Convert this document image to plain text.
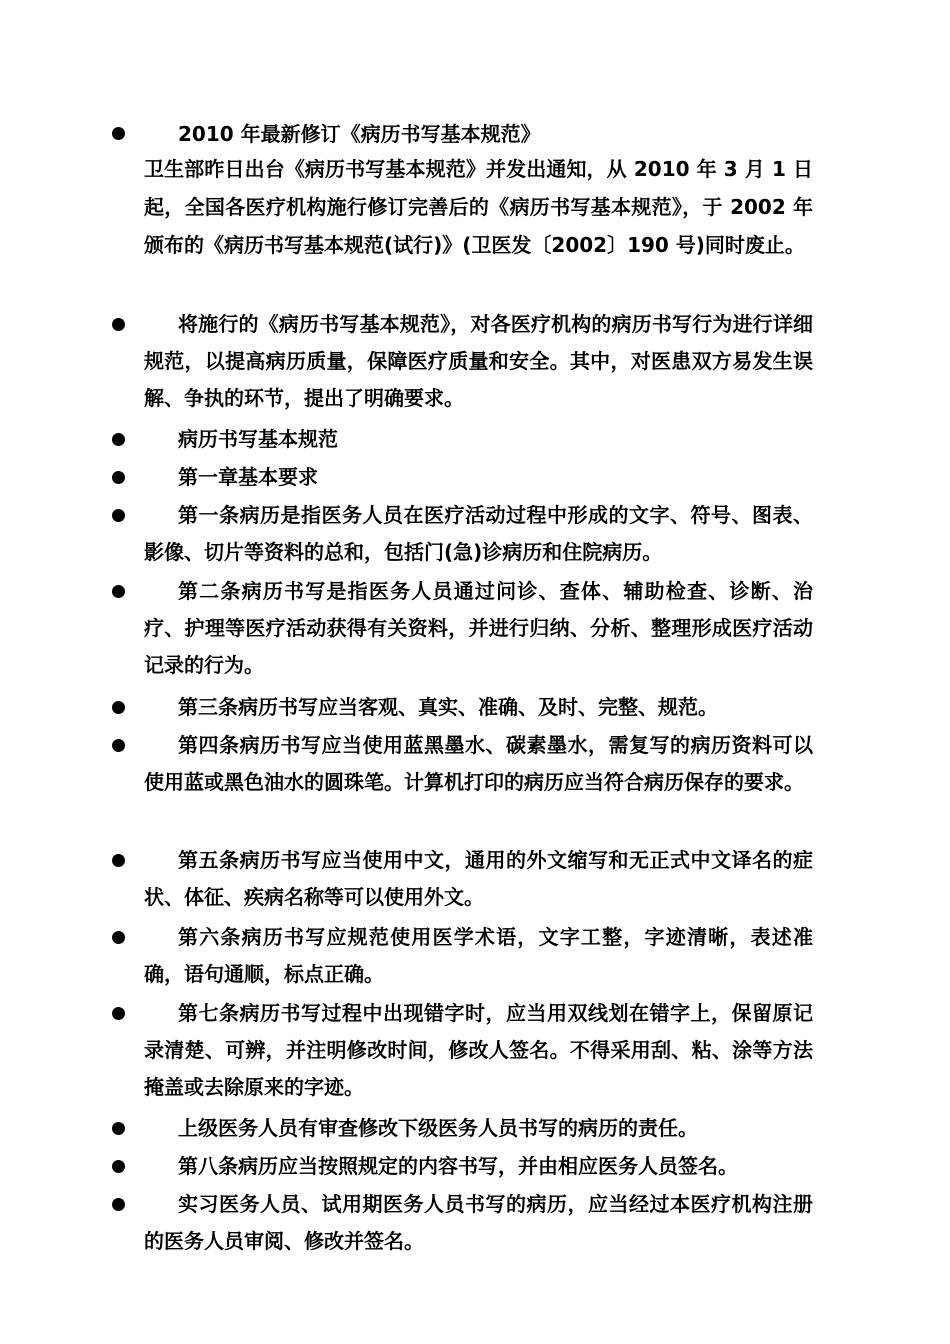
2010 年最新修订《病历书写基本规范》

卫生部昨日出台《病历书写基本规范》并发出通知，从 2010 年 3 月 1 日起，全国各医疗机构施行修订完善后的《病历书写基本规范》，于 2002 年颁布的《病历书写基本规范(试行)》(卫医发〔2002〕190 号)同时废止。

将施行的《病历书写基本规范》，对各医疗机构的病历书写行为进行详细规范，以提高病历质量，保障医疗质量和安全。其中，对医患双方易发生误解、争执的环节，提出了明确要求。

病历书写基本规范

第一章基本要求

第一条病历是指医务人员在医疗活动过程中形成的文字、符号、图表、影像、切片等资料的总和，包括门(急)诊病历和住院病历。

第二条病历书写是指医务人员通过问诊、查体、辅助检查、诊断、治疗、护理等医疗活动获得有关资料，并进行归纳、分析、整理形成医疗活动记录的行为。

第三条病历书写应当客观、真实、准确、及时、完整、规范。

第四条病历书写应当使用蓝黑墨水、碳素墨水，需复写的病历资料可以使用蓝或黑色油水的圆珠笔。计算机打印的病历应当符合病历保存的要求。

第五条病历书写应当使用中文，通用的外文缩写和无正式中文译名的症状、体征、疾病名称等可以使用外文。

第六条病历书写应规范使用医学术语，文字工整，字迹清晰，表述准确，语句通顺，标点正确。

第七条病历书写过程中出现错字时，应当用双线划在错字上，保留原记录清楚、可辨，并注明修改时间，修改人签名。不得采用刮、粘、涂等方法掩盖或去除原来的字迹。

上级医务人员有审查修改下级医务人员书写的病历的责任。

第八条病历应当按照规定的内容书写，并由相应医务人员签名。

实习医务人员、试用期医务人员书写的病历，应当经过本医疗机构注册的医务人员审阅、修改并签名。
